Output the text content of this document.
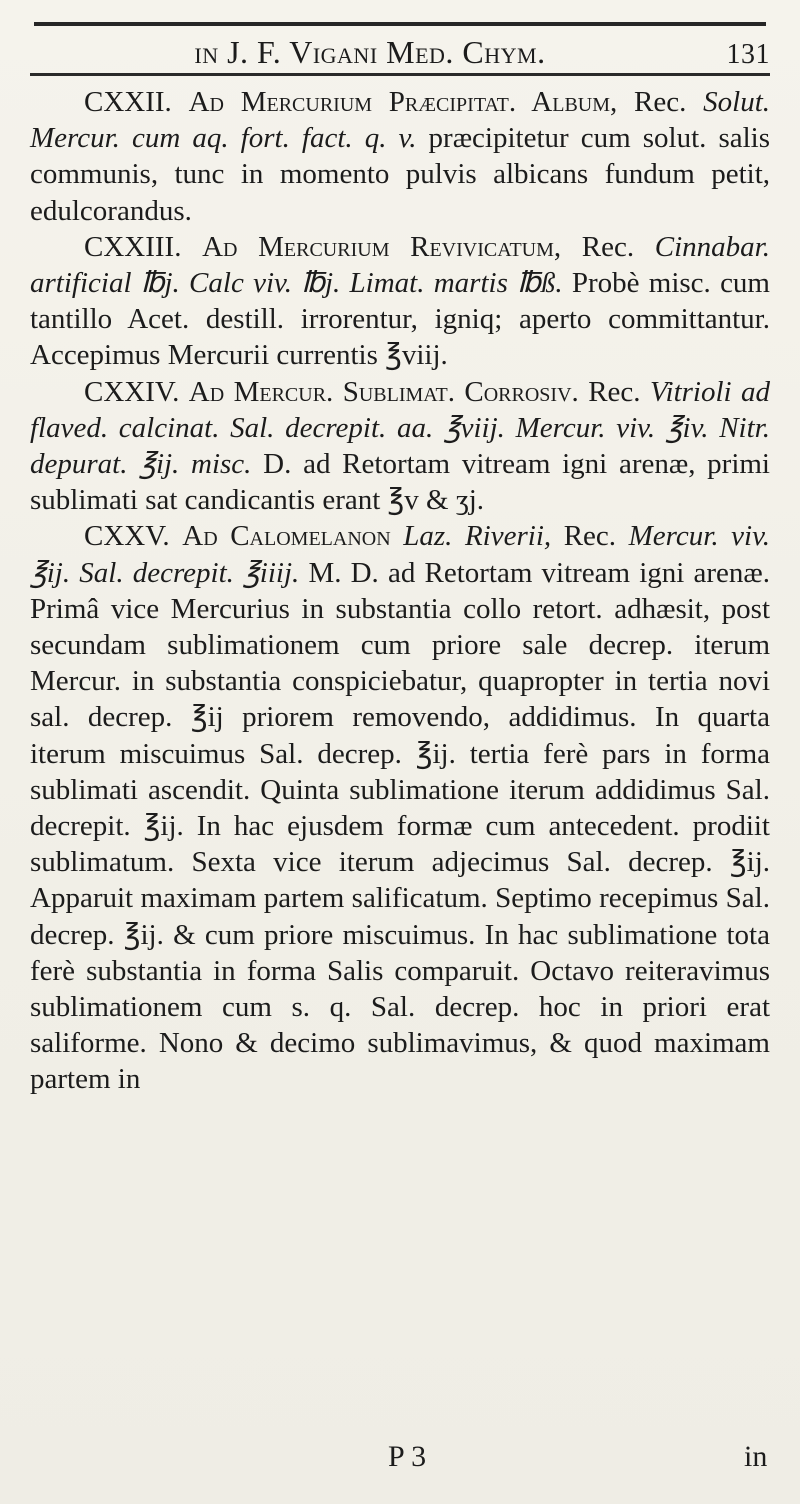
in J. F. Vigani Med. Chym.	131

CXXII. Ad Mercurium Præcipitat. Album, Rec. Solut. Mercur. cum aq. fort. fact. q. v. præcipitetur cum solut. salis communis, tunc in momento pulvis albicans fundum petit, edulcorandus.

CXXIII. Ad Mercurium Revivicatum, Rec. Cinnabar. artificial ℔j. Calc viv. ℔j. Limat. martis ℔ß. Probè misc. cum tantillo Acet. destill. irrorentur, igniq; aperto committantur. Accepimus Mercurii currentis ℥viij.

CXXIV. Ad Mercur. Sublimat. Corrosiv. Rec. Vitrioli ad flaved. calcinat. Sal. decrepit. aa. ℥viij. Mercur. viv. ℥iv. Nitr. depurat. ℥ij. misc. D. ad Retortam vitream igni arenæ, primi sublimati sat candicantis erant ℥v & ʒj.

CXXV. Ad Calomelanon Laz. Riverii, Rec. Mercur. viv. ℥ij. Sal. decrepit. ℥iiij. M. D. ad Retortam vitream igni arenæ. Primâ vice Mercurius in substantia collo retort. adhæsit, post secundam sublimationem cum priore sale decrep. iterum Mercur. in substantia conspiciebatur, quapropter in tertia novi sal. decrep. ℥ij priorem removendo, addidimus. In quarta iterum miscuimus Sal. decrep. ℥ij. tertia ferè pars in forma sublimati ascendit. Quinta sublimatione iterum addidimus Sal. decrepit. ℥ij. In hac ejusdem formæ cum antecedent. prodiit sublimatum. Sexta vice iterum adjecimus Sal. decrep. ℥ij. Apparuit maximam partem salificatum. Septimo recepimus Sal. decrep. ℥ij. & cum priore miscuimus. In hac sublimatione tota ferè substantia in forma Salis comparuit. Octavo reiteravimus sublimationem cum s. q. Sal. decrep. hoc in priori erat saliforme. Nono & decimo sublimavimus, & quod maximam partem in

P 3	in
